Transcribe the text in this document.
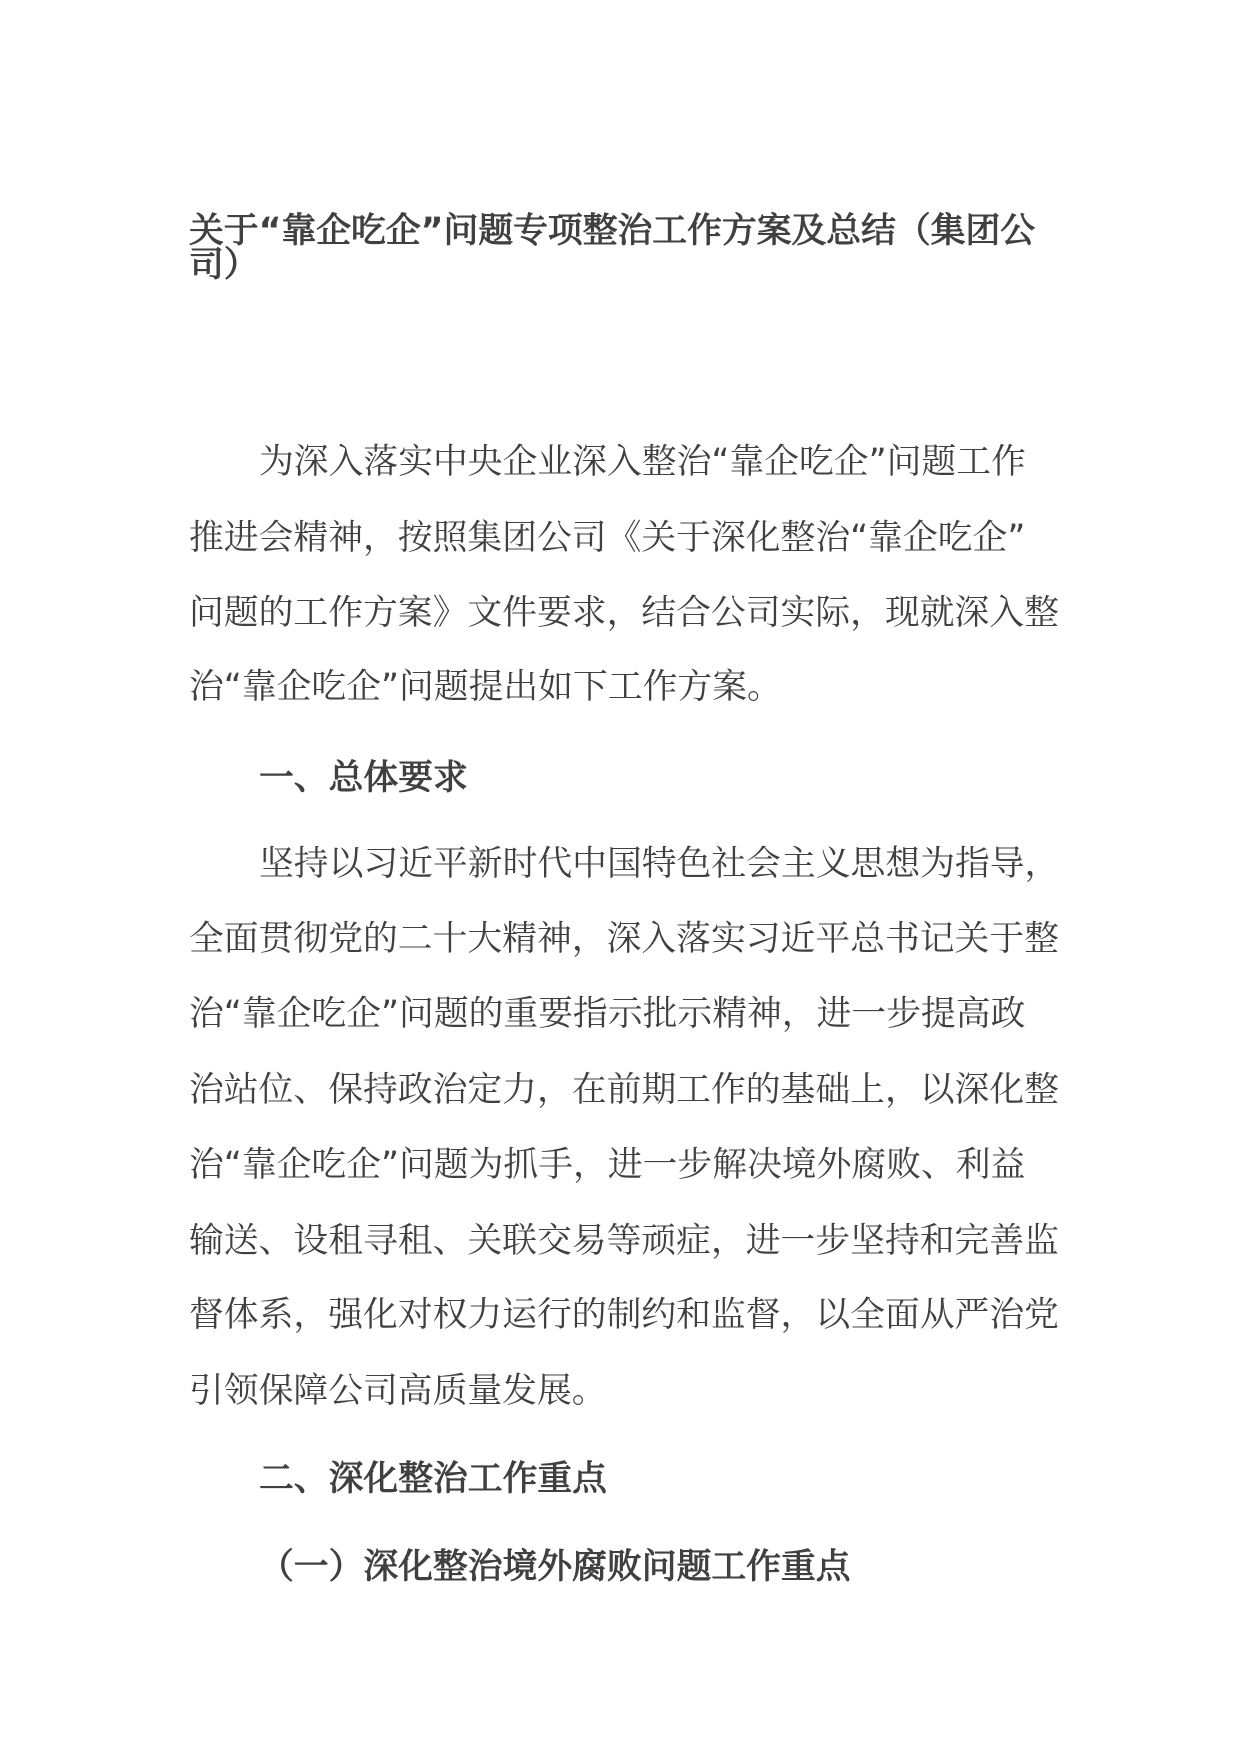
关于“靠企吃企”问题专项整治工作方案及总结（集团公
司）
为深入落实中央企业深入整治“靠企吃企”问题工作
推进会精神，按照集团公司《关于深化整治“靠企吃企”
问题的工作方案》文件要求，结合公司实际，现就深入整
治“靠企吃企”问题提出如下工作方案。
一、总体要求
坚持以习近平新时代中国特色社会主义思想为指导，
全面贯彻党的二十大精神，深入落实习近平总书记关于整
治“靠企吃企”问题的重要指示批示精神，进一步提高政
治站位、保持政治定力，在前期工作的基础上，以深化整
治“靠企吃企”问题为抓手，进一步解决境外腐败、利益
输送、设租寻租、关联交易等顽症，进一步坚持和完善监
督体系，强化对权力运行的制约和监督，以全面从严治党
引领保障公司高质量发展。
二、深化整治工作重点
（一）深化整治境外腐败问题工作重点
